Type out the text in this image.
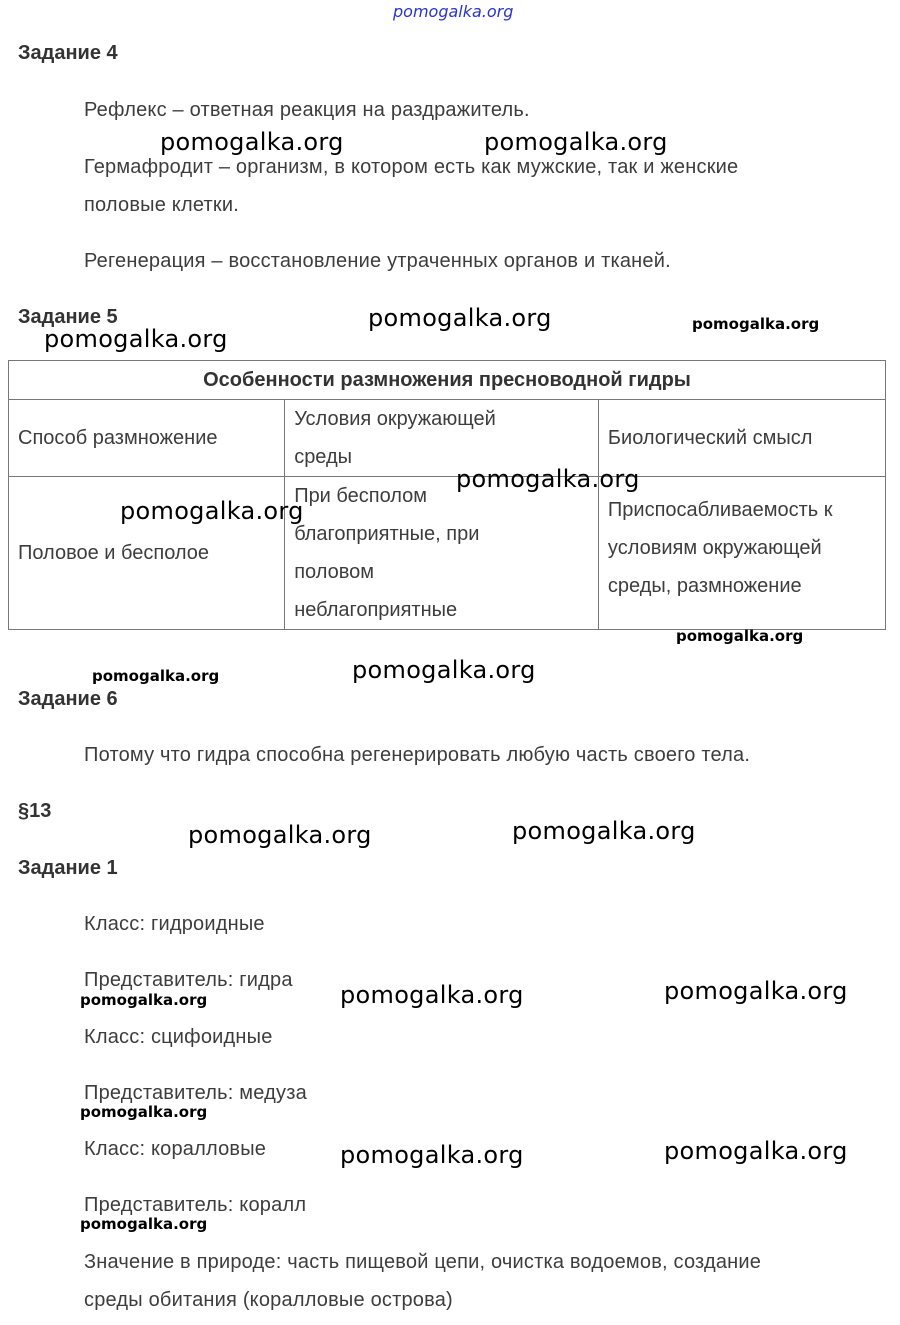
pomogalka.org
Задание 4
Рефлекс – ответная реакция на раздражитель.
Гермафродит – организм, в котором есть как мужские, так и женские
половые клетки.
Регенерация – восстановление утраченных органов и тканей.
Задание 5
Особенности размножения пресноводной гидры		
Способ размножение	Условия окружающей среды	Биологический смысл
Половое и бесполое	При бесполом благоприятные, при половом неблагоприятные	Приспосабливаемость к условиям окружающей среды, размножение
Задание 6
Потому что гидра способна регенерировать любую часть своего тела.
§13
Задание 1
Класс: гидроидные
Представитель: гидра
Класс: сцифоидные
Представитель: медуза
Класс: коралловые
Представитель: коралл
Значение в природе: часть пищевой цепи, очистка водоемов, создание
среды обитания (коралловые острова)
pomogalka.org	pomogalka.org
pomogalka.org	pomogalka.org
pomogalka.org
pomogalka.org
pomogalka.org
pomogalka.org
pomogalka.org
pomogalka.org
pomogalka.org
pomogalka.org
pomogalka.org
pomogalka.org
pomogalka.org
pomogalka.org
pomogalka.org
pomogalka.org
pomogalka.org
